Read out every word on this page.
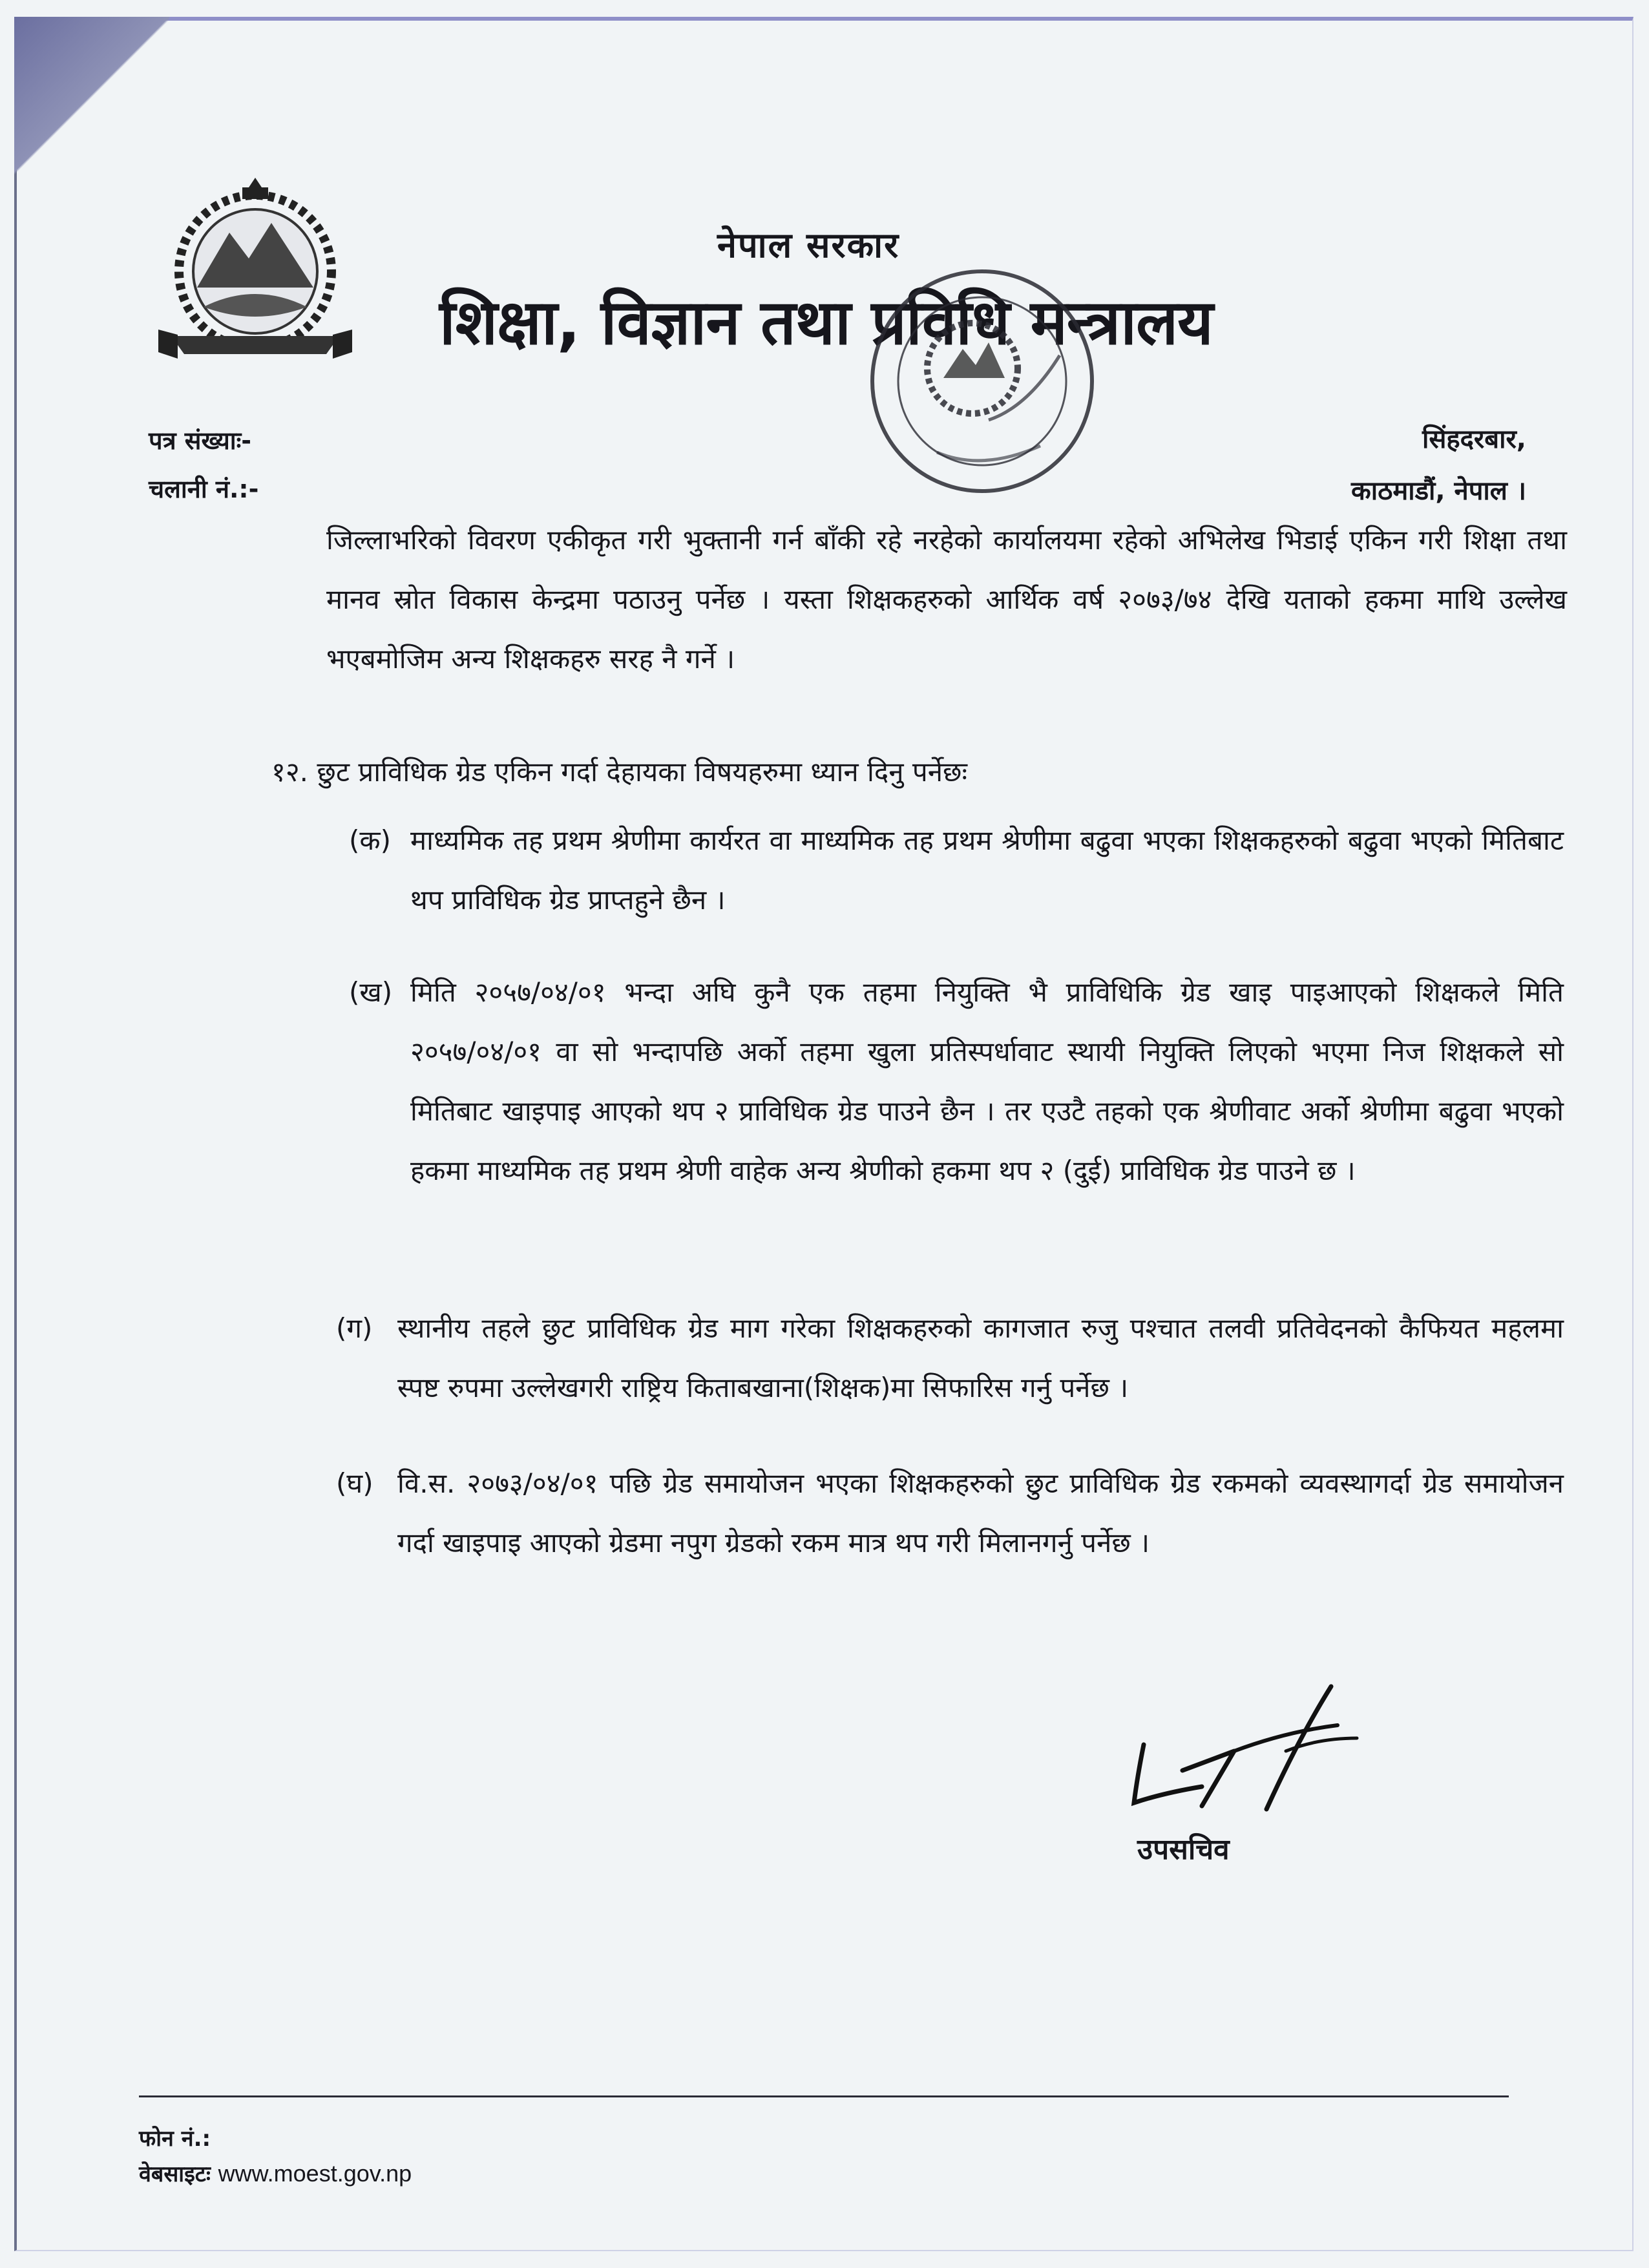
नेपाल सरकार
शिक्षा, विज्ञान तथा प्रविधि मन्त्रालय
पत्र संख्याः-
चलानी नं.:-
सिंहदरबार,
काठमाडौं, नेपाल ।
जिल्लाभरिको विवरण एकीकृत गरी भुक्तानी गर्न बाँकी रहे नरहेको कार्यालयमा रहेको अभिलेख भिडाई एकिन गरी शिक्षा तथा मानव स्रोत विकास केन्द्रमा पठाउनु पर्नेछ । यस्ता शिक्षकहरुको आर्थिक वर्ष २०७३/७४ देखि यताको हकमा माथि उल्लेख भएबमोजिम अन्य शिक्षकहरु सरह नै गर्ने ।
१२. छुट प्राविधिक ग्रेड एकिन गर्दा देहायका विषयहरुमा ध्यान दिनु पर्नेछः
(क) माध्यमिक तह प्रथम श्रेणीमा कार्यरत वा माध्यमिक तह प्रथम श्रेणीमा बढुवा भएका शिक्षकहरुको बढुवा भएको मितिबाट थप प्राविधिक ग्रेड प्राप्तहुने छैन ।
(ख) मिति २०५७/०४/०१ भन्दा अघि कुनै एक तहमा नियुक्ति भै प्राविधिकि ग्रेड खाइ पाइआएको शिक्षकले मिति २०५७/०४/०१ वा सो भन्दापछि अर्को तहमा खुला प्रतिस्पर्धावाट स्थायी नियुक्ति लिएको भएमा निज शिक्षकले सो मितिबाट खाइपाइ आएको थप २ प्राविधिक ग्रेड पाउने छैन । तर एउटै तहको एक श्रेणीवाट अर्को श्रेणीमा बढुवा भएको हकमा माध्यमिक तह प्रथम श्रेणी वाहेक अन्य श्रेणीको हकमा थप २ (दुई) प्राविधिक ग्रेड पाउने छ ।
(ग) स्थानीय तहले छुट प्राविधिक ग्रेड माग गरेका शिक्षकहरुको कागजात रुजु पश्चात तलवी प्रतिवेदनको कैफियत महलमा स्पष्ट रुपमा उल्लेखगरी राष्ट्रिय किताबखाना(शिक्षक)मा सिफारिस गर्नु पर्नेछ ।
(घ) वि.स. २०७३/०४/०१ पछि ग्रेड समायोजन भएका शिक्षकहरुको छुट प्राविधिक ग्रेड रकमको व्यवस्थागर्दा ग्रेड समायोजन गर्दा खाइपाइ आएको ग्रेडमा नपुग ग्रेडको रकम मात्र थप गरी मिलानगर्नु पर्नेछ ।
उपसचिव
फोन नं.:
वेबसाइटः www.moest.gov.np
